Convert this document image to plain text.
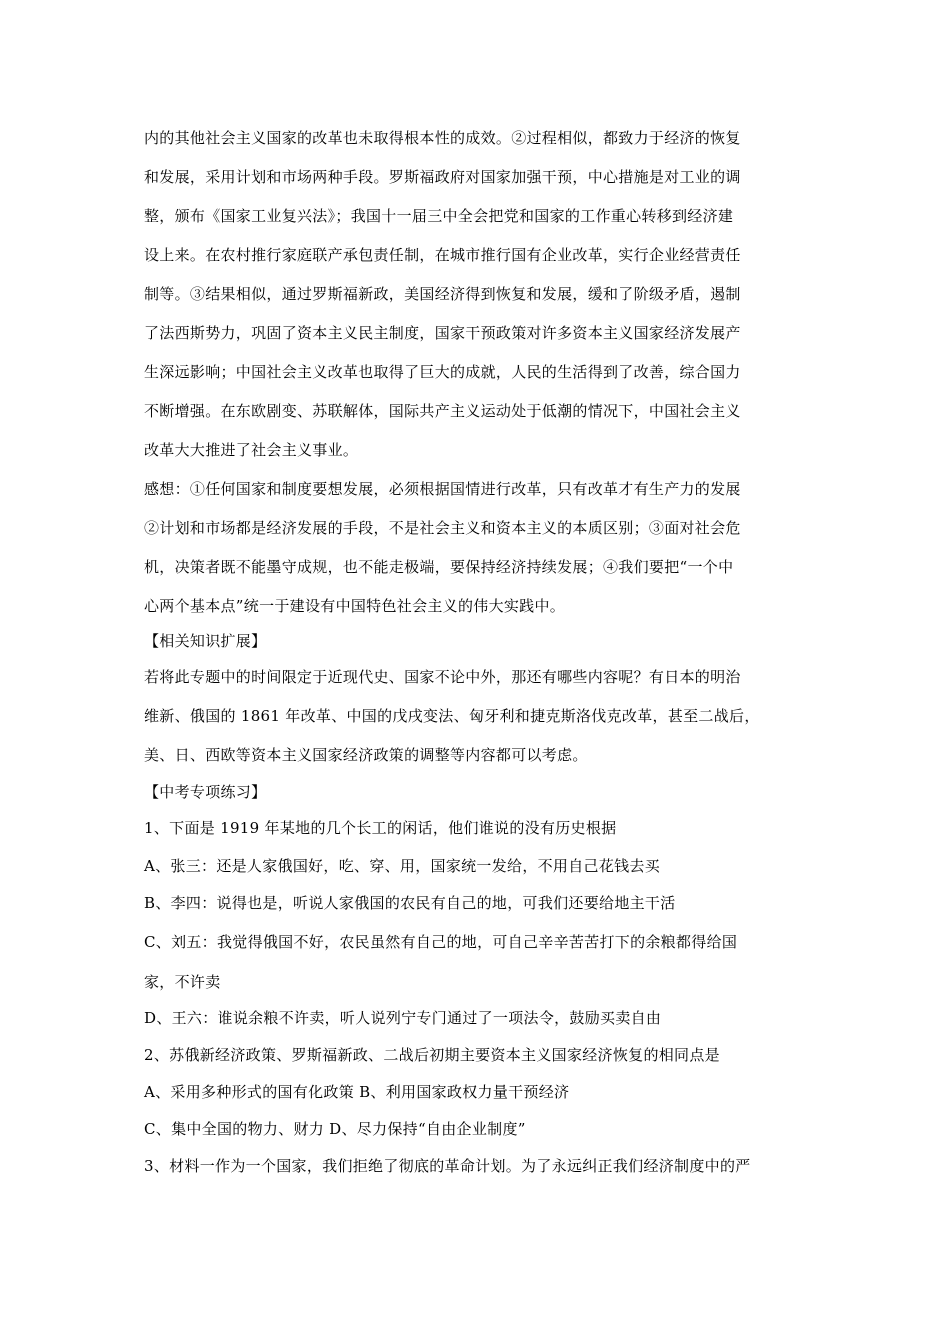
内的其他社会主义国家的改革也未取得根本性的成效。②过程相似，都致力于经济的恢复
和发展，采用计划和市场两种手段。罗斯福政府对国家加强干预，中心措施是对工业的调
整，颁布《国家工业复兴法》；我国十一届三中全会把党和国家的工作重心转移到经济建
设上来。在农村推行家庭联产承包责任制，在城市推行国有企业改革，实行企业经营责任
制等。③结果相似，通过罗斯福新政，美国经济得到恢复和发展，缓和了阶级矛盾，遏制
了法西斯势力，巩固了资本主义民主制度，国家干预政策对许多资本主义国家经济发展产
生深远影响；中国社会主义改革也取得了巨大的成就，人民的生活得到了改善，综合国力
不断增强。在东欧剧变、苏联解体，国际共产主义运动处于低潮的情况下，中国社会主义
改革大大推进了社会主义事业。
感想：①任何国家和制度要想发展，必须根据国情进行改革，只有改革才有生产力的发展
②计划和市场都是经济发展的手段，不是社会主义和资本主义的本质区别；③面对社会危
机，决策者既不能墨守成规，也不能走极端，要保持经济持续发展；④我们要把“一个中
心两个基本点”统一于建设有中国特色社会主义的伟大实践中。
【相关知识扩展】
若将此专题中的时间限定于近现代史、国家不论中外，那还有哪些内容呢？有日本的明治
维新、俄国的 1861 年改革、中国的戊戌变法、匈牙利和捷克斯洛伐克改革，甚至二战后，
美、日、西欧等资本主义国家经济政策的调整等内容都可以考虑。
【中考专项练习】
1、下面是 1919 年某地的几个长工的闲话，他们谁说的没有历史根据
A、张三：还是人家俄国好，吃、穿、用，国家统一发给，不用自己花钱去买
B、李四：说得也是，听说人家俄国的农民有自己的地，可我们还要给地主干活
C、刘五：我觉得俄国不好，农民虽然有自己的地，可自己辛辛苦苦打下的余粮都得给国
家，不许卖
D、王六：谁说余粮不许卖，听人说列宁专门通过了一项法令，鼓励买卖自由
2、苏俄新经济政策、罗斯福新政、二战后初期主要资本主义国家经济恢复的相同点是
A、采用多种形式的国有化政策 B、利用国家政权力量干预经济
C、集中全国的物力、财力 D、尽力保持“自由企业制度”
3、材料一作为一个国家，我们拒绝了彻底的革命计划。为了永远纠正我们经济制度中的严
